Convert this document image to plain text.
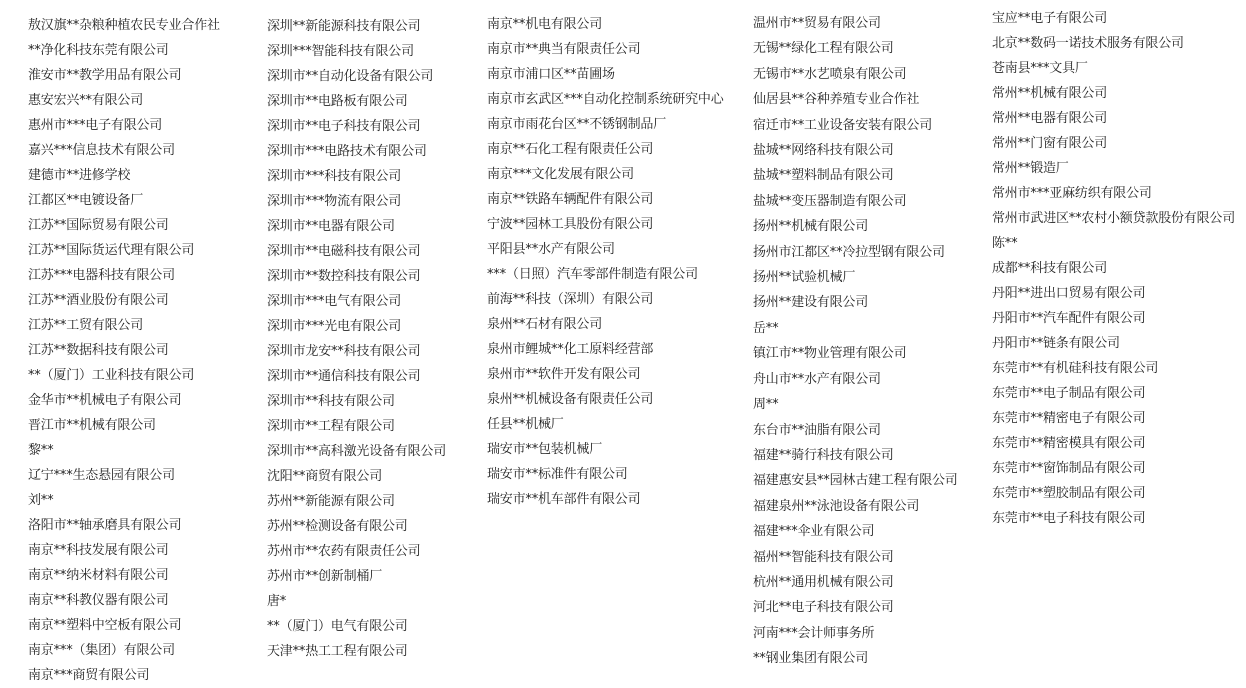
敖汉旗**杂粮种植农民专业合作社
**净化科技东莞有限公司
淮安市**教学用品有限公司
惠安宏兴**有限公司
惠州市***电子有限公司
嘉兴***信息技术有限公司
建德市**进修学校
江都区**电镀设备厂
江苏**国际贸易有限公司
江苏**国际货运代理有限公司
江苏***电器科技有限公司
江苏**酒业股份有限公司
江苏**工贸有限公司
江苏**数据科技有限公司
**（厦门）工业科技有限公司
金华市**机械电子有限公司
晋江市**机械有限公司
黎**
辽宁***生态悬园有限公司
刘**
洛阳市**轴承磨具有限公司
南京**科技发展有限公司
南京**纳米材料有限公司
南京**科教仪器有限公司
南京**塑料中空板有限公司
南京***（集团）有限公司
南京***商贸有限公司
深圳**新能源科技有限公司
深圳***智能科技有限公司
深圳市**自动化设备有限公司
深圳市**电路板有限公司
深圳市**电子科技有限公司
深圳市***电路技术有限公司
深圳市***科技有限公司
深圳市***物流有限公司
深圳市**电器有限公司
深圳市**电磁科技有限公司
深圳市**数控科技有限公司
深圳市***电气有限公司
深圳市***光电有限公司
深圳市龙安**科技有限公司
深圳市**通信科技有限公司
深圳市**科技有限公司
深圳市**工程有限公司
深圳市**高科激光设备有限公司
沈阳**商贸有限公司
苏州**新能源有限公司
苏州**检测设备有限公司
苏州市**农药有限责任公司
苏州市**创新制桶厂
唐*
**（厦门）电气有限公司
天津**热工工程有限公司
南京**机电有限公司
南京市**典当有限责任公司
南京市浦口区**苗圃场
南京市玄武区***自动化控制系统研究中心
南京市雨花台区**不锈钢制品厂
南京**石化工程有限责任公司
南京***文化发展有限公司
南京**铁路车辆配件有限公司
宁波**园林工具股份有限公司
平阳县**水产有限公司
***（日照）汽车零部件制造有限公司
前海**科技（深圳）有限公司
泉州**石材有限公司
泉州市鲤城**化工原料经营部
泉州市**软件开发有限公司
泉州**机械设备有限责任公司
任县**机械厂
瑞安市**包装机械厂
瑞安市**标准件有限公司
瑞安市**机车部件有限公司
温州市**贸易有限公司
无锡**绿化工程有限公司
无锡市**水艺喷泉有限公司
仙居县**谷种养殖专业合作社
宿迁市**工业设备安装有限公司
盐城**网络科技有限公司
盐城**塑料制品有限公司
盐城**变压器制造有限公司
扬州**机械有限公司
扬州市江都区**冷拉型钢有限公司
扬州**试验机械厂
扬州**建设有限公司
岳**
镇江市**物业管理有限公司
舟山市**水产有限公司
周**
东台市**油脂有限公司
福建**骑行科技有限公司
福建惠安县**园林古建工程有限公司
福建泉州**泳池设备有限公司
福建***伞业有限公司
福州**智能科技有限公司
杭州**通用机械有限公司
河北**电子科技有限公司
河南***会计师事务所
**钢业集团有限公司
宝应**电子有限公司
北京**数码一诺技术服务有限公司
苍南县***文具厂
常州**机械有限公司
常州**电器有限公司
常州**门窗有限公司
常州**锻造厂
常州市***亚麻纺织有限公司
常州市武进区**农村小额贷款股份有限公司
陈**
成都**科技有限公司
丹阳**进出口贸易有限公司
丹阳市**汽车配件有限公司
丹阳市**链条有限公司
东莞市**有机硅科技有限公司
东莞市**电子制品有限公司
东莞市**精密电子有限公司
东莞市**精密模具有限公司
东莞市**窗饰制品有限公司
东莞市**塑胶制品有限公司
东莞市**电子科技有限公司
